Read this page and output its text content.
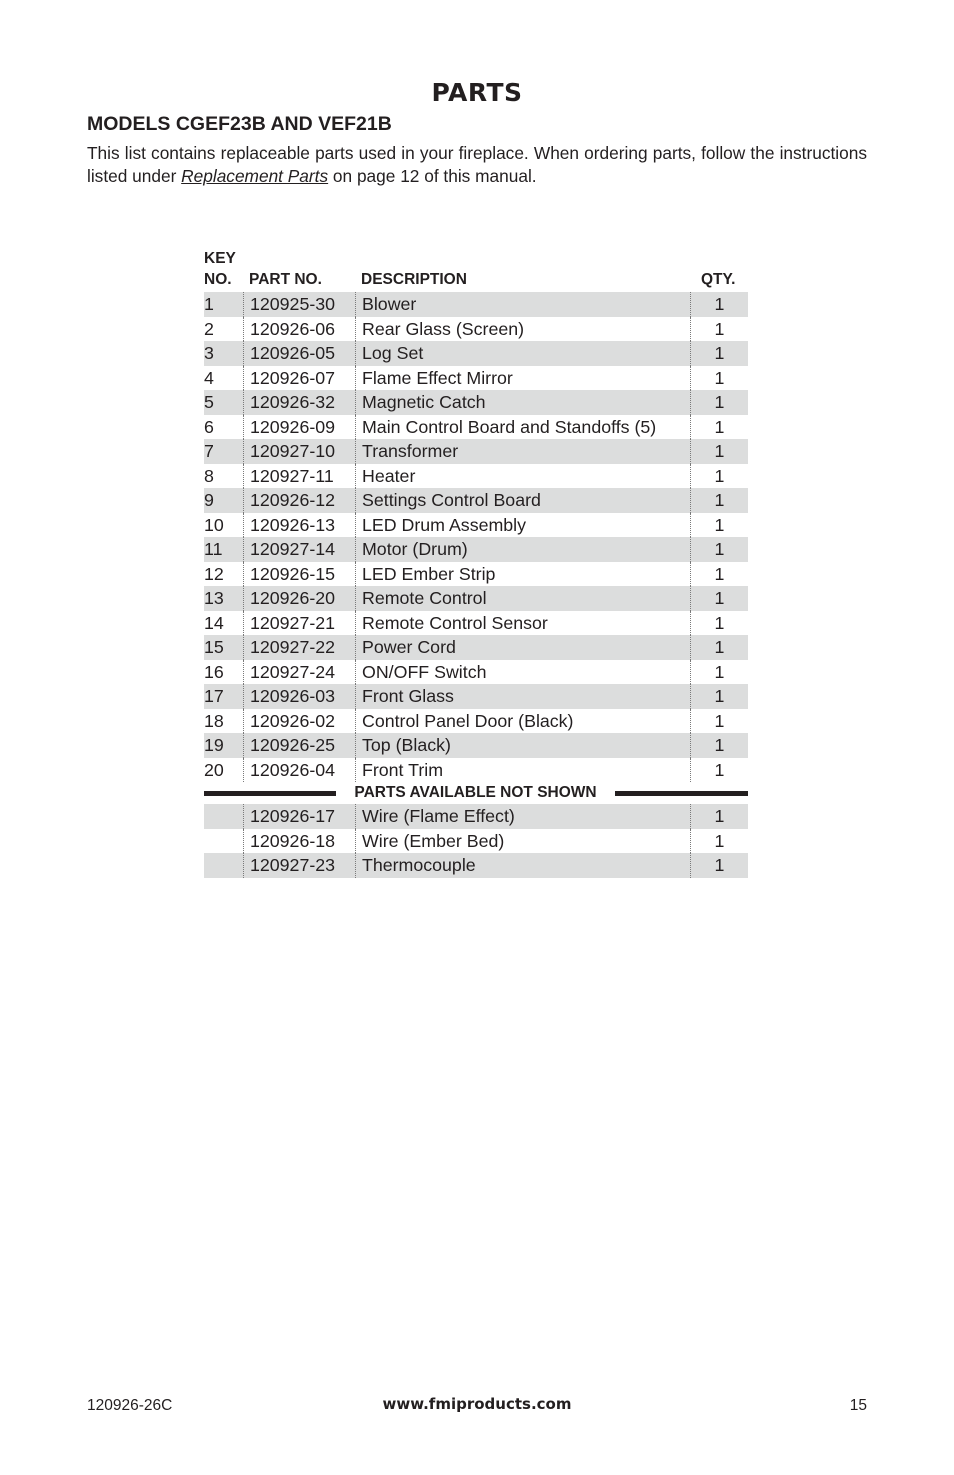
PARTS
MODELS CGEF23B AND VEF21B
This list contains replaceable parts used in your fireplace. When ordering parts, follow the instructions listed under Replacement Parts on page 12 of this manual.
KEY
NO. PART NO.	DESCRIPTION	QTY.
1	120925-30	Blower	1
2	120926-06	Rear Glass (Screen)	1
3	120926-05	Log Set	1
4	120926-07	Flame Effect Mirror	1
5	120926-32	Magnetic Catch	1
6	120926-09	Main Control Board and Standoffs (5)	1
7	120927-10	Transformer	1
8	120927-11	Heater	1
9	120926-12	Settings Control Board	1
10	120926-13	LED Drum Assembly	1
11	120927-14	Motor (Drum)	1
12	120926-15	LED Ember Strip	1
13	120926-20	Remote Control	1
14	120927-21	Remote Control Sensor	1
15	120927-22	Power Cord	1
16	120927-24	ON/OFF Switch	1
17	120926-03	Front Glass	1
18	120926-02	Control Panel Door (Black)	1
19	120926-25	Top (Black)	1
20	120926-04	Front Trim	1
PARTS AVAILABLE NOT SHOWN
120926-17	Wire (Flame Effect)	1
120926-18	Wire (Ember Bed)	1
120927-23	Thermocouple	1
120926-26C	www.fmiproducts.com	15
